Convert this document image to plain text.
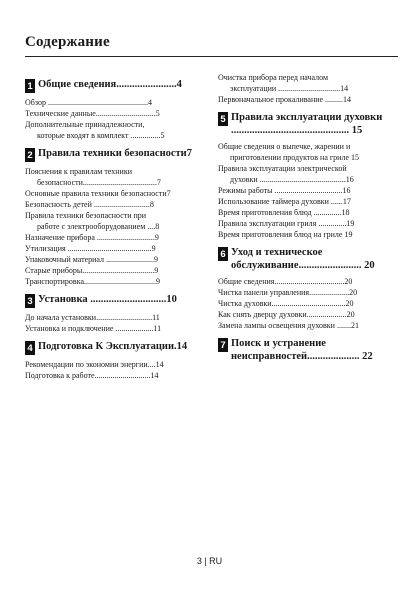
Содержание
1 Общие сведения.......................4
Обзор ..................................................4
Технические данные..............................5
Дополнительные принадлежности,
которые входят в комплект ...............5
2 Правила техники безопасности7
Пояснения к правилам техники
безопасности.....................................7
Основные правила техники безопасности7
Безопасность детей ............................8
Правила техники безопасности при
работе с электрооборудованием ....8
Назначение прибора .............................9
Утилизация ..........................................9
Упаковочный материал ........................9
Старые приборы....................................9
Транспортировка....................................9
3 Установка .............................10
До начала установки............................11
Установка и подключение ...................11
4 Подготовка К Эксплуатации.14
Рекомендации по экономии энергии....14
Подготовка к работе............................14
Очистка прибора перед началом
эксплуатации ...............................14
Первоначальное прокаливание .........14
5 Правила эксплуатации духовки ............................................. 15
Общие сведения о выпечке, жарении и
приготовлении продуктов на гриле 15
Правила эксплуатации электрической
духовки ...........................................16
Режимы работы ..................................16
Использование таймера духовки ......17
Время приготовления блюд ..............18
Правила эксплуатации гриля ..............19
Время приготовления блюд на гриле 19
6 Уход и техническое обслуживание........................ 20
Общие сведения...................................20
Чистка панели управления....................20
Чистка духовки.....................................20
Как снять дверцу духовки....................20
Замена лампы освещения духовки .......21
7 Поиск и устранение неисправностей.................... 22
3 | RU
